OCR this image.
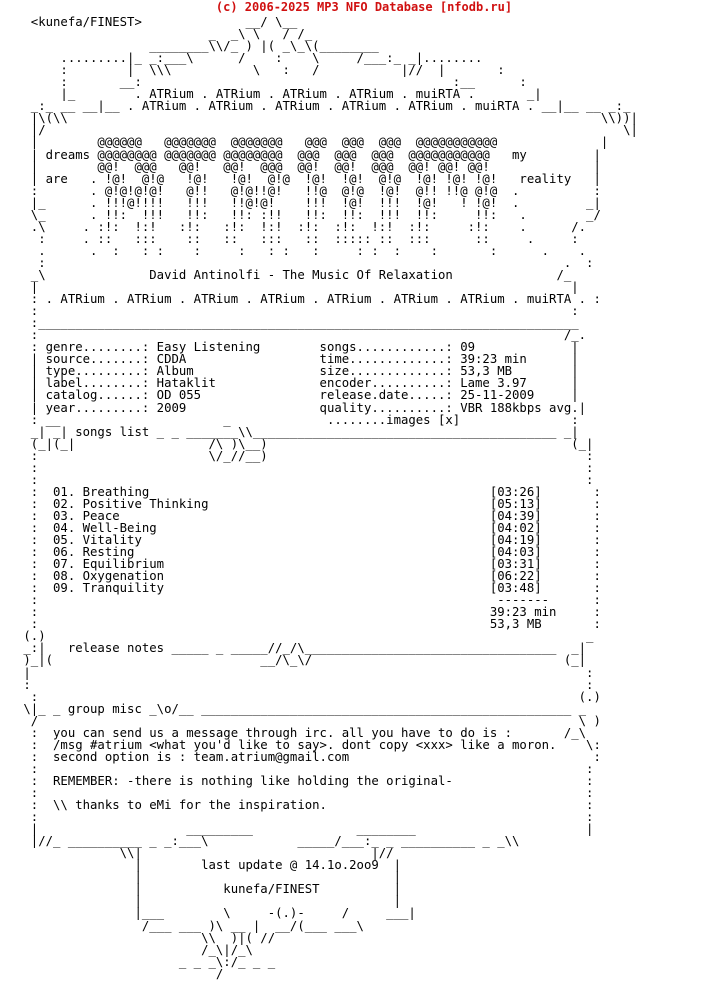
(c) 2006-2025 MP3 NFO Database [nfodb.ru]
<kunefa/FINEST>              __/ \__
_  _\ \   / /_
________\\/_ ) |( _\_\(________
.........|_ _:___\      /    :    \     /___:_ _|........
:        |  \\\           \   :   /           |//  |       :
:       __:                                          :__      :
|_        . ATRium . ATRium . ATRium . ATRium . muiRTA .       _|
_:_ __ __|__ . ATRium . ATRium . ATRium . ATRium . ATRium . muiRTA . __|__ __ _:_
|\(\\                                                                        \\))|
|/                                                                              \|
|        @@@@@@   @@@@@@@  @@@@@@@   @@@  @@@  @@@  @@@@@@@@@@@              |
| dreams @@@@@@@@ @@@@@@@ @@@@@@@@  @@@  @@@  @@@  @@@@@@@@@@@   my         |
|        @@!  @@@   @@!   @@!  @@@  @@!  @@!  @@@  @@! @@! @@!              |
| are   . !@!  @!@   !@!   !@!  @!@  !@!  !@!  @!@  !@! !@! !@!   reality   |
:       . @!@!@!@!   @!!   @!@!!@!   !!@  @!@  !@!  @!! !!@ @!@  .          :
|_      . !!!@!!!!   !!!   !!@!@!    !!!  !@!  !!!  !@!   ! !@!  .         _|
\_      . !!:  !!!   !!:   !!: :!!   !!:  !!:  !!!  !!:     !!:   .        _/
.\     . :!:  !:!   :!:   :!:  !:!  :!:  :!:  !:!  :!:     :!:    .      /.
:     . ::   :::    ::   ::   :::   ::  ::::: ::  :::      ::     .     :
.      .  :   : :    :     :   : :   :     : :  :    :       :      .    .
:                                                                      .  :
_\              David Antinolfi - The Music Of Relaxation              /_
|                                                                        |
: . ATRium . ATRium . ATRium . ATRium . ATRium . ATRium . ATRium . muiRTA . :
:                                                                        :
:_________________________________________________________________________
:                                                                       /_.
: genre........: Easy Listening        songs............: 09             |
| source.......: CDDA                  time.............: 39:23 min      |
| type.........: Album                 size.............: 53,3 MB        |
| label........: Hataklit              encoder..........: Lame 3.97      |
| catalog......: OD 055                release.date.....: 25-11-2009     |
| year.........: 2009                  quality..........: VBR 188kbps avg.|
: __                      _             ........images [x]               :
_| _| songs list _ _ _______\\_________________________________________ _|
(_|(_|                  /\ )\__)                                         (_|
:                       \/_//__)                                           :
:                                                                          :
:                                                                          :
:  01. Breathing                                              [03:26]       :
:  02. Positive Thinking                                      [05:13]       :
:  03. Peace                                                  [04:39]       :
:  04. Well-Being                                             [04:02]       :
:  05. Vitality                                               [04:19]       :
:  06. Resting                                                [04:03]       :
:  07. Equilibrium                                            [03:31]       :
:  08. Oxygenation                                            [06:22]       :
:  09. Tranquility                                            [03:48]       :
:                                                              -------      :
:                                                             39:23 min     :
:                                                             53,3 MB       :
(.)                                                                         _
_:|   release notes _____ _ _____//_/\__________________________________  _|
)_|(                            __/\_\/                                  (_|
|                                                                           :
:                                                                           :
:                                                                         (.)
\|_ _ group misc _\o/__ __________________________________________________ _
/                                                                         \ )
:  you can send us a message through irc. all you have to do is :       /_\
:  /msg #atrium <what you'd like to say>. dont copy <xxx> like a moron.    \:
:  second option is : team.atrium@gmail.com                                 :
:                                                                          :
:  REMEMBER: -there is nothing like holding the original-                  :
:                                                                          :
:  \\ thanks to eMi for the inspiration.                                   :
:                                                                          :
|                    _________              ________                       |
|//_ __________ _ _:___\            _____/___:_ _ __________ _ _\\
\\|                               |//
|        last update @ 14.1o.2oo9  |
|                                  |
|           kunefa/FINEST          |
|                                  |
|___        \     -(.)-     /     ___|
/___ ___ )\ __ |  __/(___ ___\
\\  )|( //
/_\|/_\
_ _ _\:/_ _ _
/
